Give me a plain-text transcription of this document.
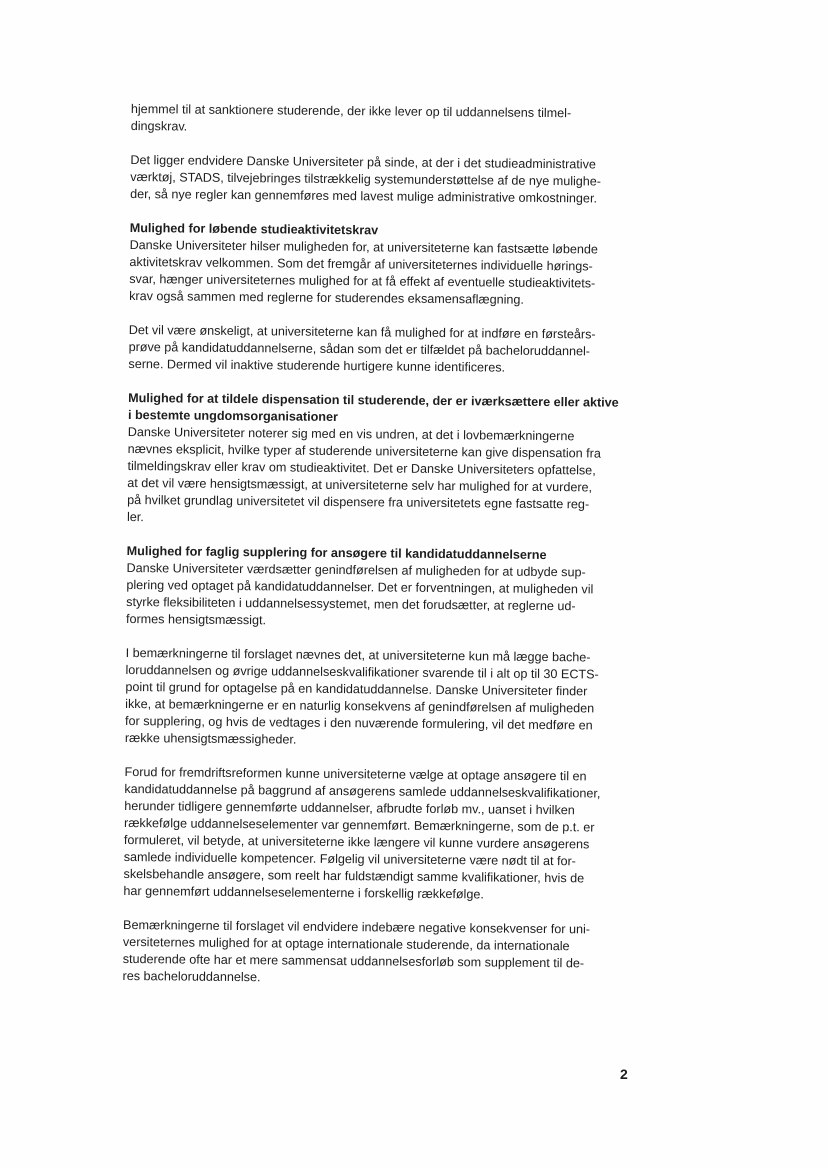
hjemmel til at sanktionere studerende, der ikke lever op til uddannelsens tilmel-
dingskrav.
Det ligger endvidere Danske Universiteter på sinde, at der i det studieadministrative
værktøj, STADS, tilvejebringes tilstrækkelig systemunderstøttelse af de nye mulighe-
der, så nye regler kan gennemføres med lavest mulige administrative omkostninger.
Mulighed for løbende studieaktivitetskrav
Danske Universiteter hilser muligheden for, at universiteterne kan fastsætte løbende
aktivitetskrav velkommen. Som det fremgår af universiteternes individuelle hørings-
svar, hænger universiteternes mulighed for at få effekt af eventuelle studieaktivitets-
krav også sammen med reglerne for studerendes eksamensaflægning.
Det vil være ønskeligt, at universiteterne kan få mulighed for at indføre en førsteårs-
prøve på kandidatuddannelserne, sådan som det er tilfældet på bacheloruddannel-
serne. Dermed vil inaktive studerende hurtigere kunne identificeres.
Mulighed for at tildele dispensation til studerende, der er iværksættere eller aktive
i bestemte ungdomsorganisationer
Danske Universiteter noterer sig med en vis undren, at det i lovbemærkningerne
nævnes eksplicit, hvilke typer af studerende universiteterne kan give dispensation fra
tilmeldingskrav eller krav om studieaktivitet. Det er Danske Universiteters opfattelse,
at det vil være hensigtsmæssigt, at universiteterne selv har mulighed for at vurdere,
på hvilket grundlag universitetet vil dispensere fra universitetets egne fastsatte reg-
ler.
Mulighed for faglig supplering for ansøgere til kandidatuddannelserne
Danske Universiteter værdsætter genindførelsen af muligheden for at udbyde sup-
plering ved optaget på kandidatuddannelser. Det er forventningen, at muligheden vil
styrke fleksibiliteten i uddannelsessystemet, men det forudsætter, at reglerne ud-
formes hensigtsmæssigt.
I bemærkningerne til forslaget nævnes det, at universiteterne kun må lægge bache-
loruddannelsen og øvrige uddannelseskvalifikationer svarende til i alt op til 30 ECTS-
point til grund for optagelse på en kandidatuddannelse. Danske Universiteter finder
ikke, at bemærkningerne er en naturlig konsekvens af genindførelsen af muligheden
for supplering, og hvis de vedtages i den nuværende formulering, vil det medføre en
række uhensigtsmæssigheder.
Forud for fremdriftsreformen kunne universiteterne vælge at optage ansøgere til en
kandidatuddannelse på baggrund af ansøgerens samlede uddannelseskvalifikationer,
herunder tidligere gennemførte uddannelser, afbrudte forløb mv., uanset i hvilken
rækkefølge uddannelseselementer var gennemført. Bemærkningerne, som de p.t. er
formuleret, vil betyde, at universiteterne ikke længere vil kunne vurdere ansøgerens
samlede individuelle kompetencer. Følgelig vil universiteterne være nødt til at for-
skelsbehandle ansøgere, som reelt har fuldstændigt samme kvalifikationer, hvis de
har gennemført uddannelseselementerne i forskellig rækkefølge.
Bemærkningerne til forslaget vil endvidere indebære negative konsekvenser for uni-
versiteternes mulighed for at optage internationale studerende, da internationale
studerende ofte har et mere sammensat uddannelsesforløb som supplement til de-
res bacheloruddannelse.
2
